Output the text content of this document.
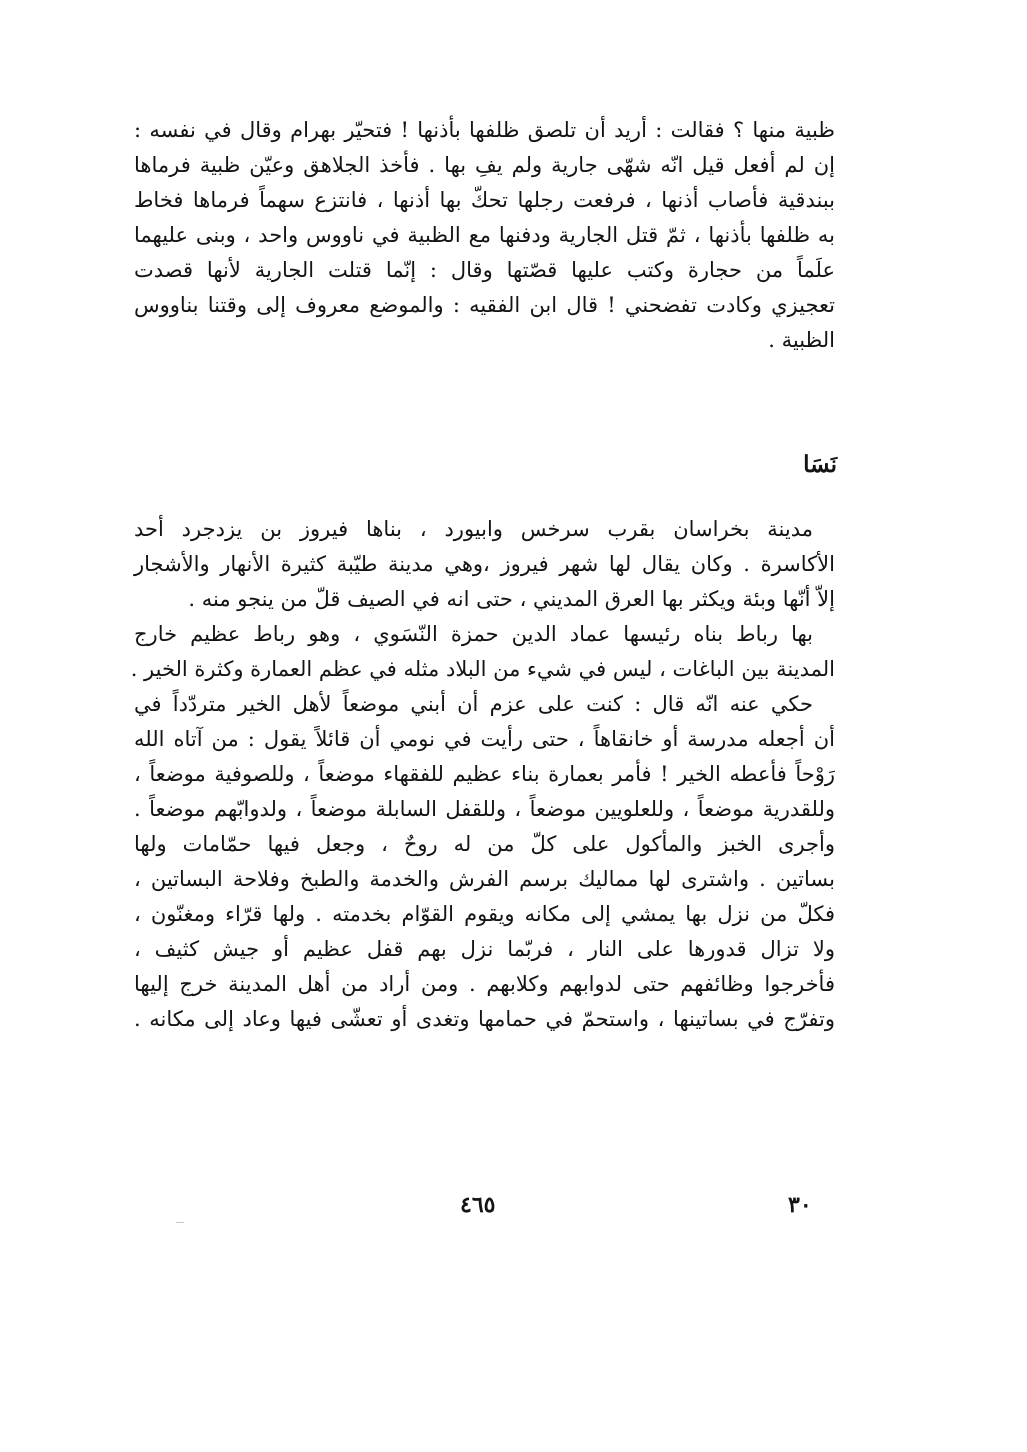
ظبية منها ؟ فقالت : أريد أن تلصق ظلفها بأذنها ! فتحيّر بهرام وقال في نفسه :
إن لم أفعل قيل انّه شهّى جارية ولم يفِ بها . فأخذ الجلاهق وعيّن ظبية فرماها
ببندقية فأصاب أذنها ، فرفعت رجلها تحكّ بها أذنها ، فانتزع سهماً فرماها فخاط
به ظلفها بأذنها ، ثمّ قتل الجارية ودفنها مع الظبية في ناووس واحد ، وبنى عليهما
علَماً من حجارة وكتب عليها قصّتها وقال : إنّما قتلت الجارية لأنها قصدت
تعجيزي وكادت تفضحني ! قال ابن الفقيه : والموضع معروف إلى وقتنا بناووس
الظبية .
نَسَا
مدينة بخراسان بقرب سرخس وابيورد ، بناها فيروز بن يزدجرد أحد
الأكاسرة . وكان يقال لها شهر فيروز ،وهي مدينة طيّبة كثيرة الأنهار والأشجار
إلاّ أنّها وبئة ويكثر بها العرق المديني ، حتى انه في الصيف قلّ من ينجو منه .
بها رباط بناه رئيسها عماد الدين حمزة النّسَوي ، وهو رباط عظيم خارج
المدينة بين الباغات ، ليس في شيء من البلاد مثله في عظم العمارة وكثرة الخير .
حكي عنه انّه قال : كنت على عزم أن أبني موضعاً لأهل الخير متردّداً في
أن أجعله مدرسة أو خانقاهاً ، حتى رأيت في نومي أن قائلاً يقول : من آتاه الله
رَوْحاً فأعطه الخير ! فأمر بعمارة بناء عظيم للفقهاء موضعاً ، وللصوفية موضعاً ،
وللقدرية موضعاً ، وللعلويين موضعاً ، وللقفل السابلة موضعاً ، ولدوابّهم موضعاً .
وأجرى الخبز والمأكول على كلّ من له روحٌ ، وجعل فيها حمّامات ولها
بساتين . واشترى لها مماليك برسم الفرش والخدمة والطبخ وفلاحة البساتين ،
فكلّ من نزل بها يمشي إلى مكانه ويقوم القوّام بخدمته . ولها قرّاء ومغنّون ،
ولا تزال قدورها على النار ، فربّما نزل بهم قفل عظيم أو جيش كثيف ،
فأخرجوا وظائفهم حتى لدوابهم وكلابهم . ومن أراد من أهل المدينة خرج إليها
وتفرّج في بساتينها ، واستحمّ في حمامها وتغدى أو تعشّى فيها وعاد إلى مكانه .
٤٦٥	٣٠
